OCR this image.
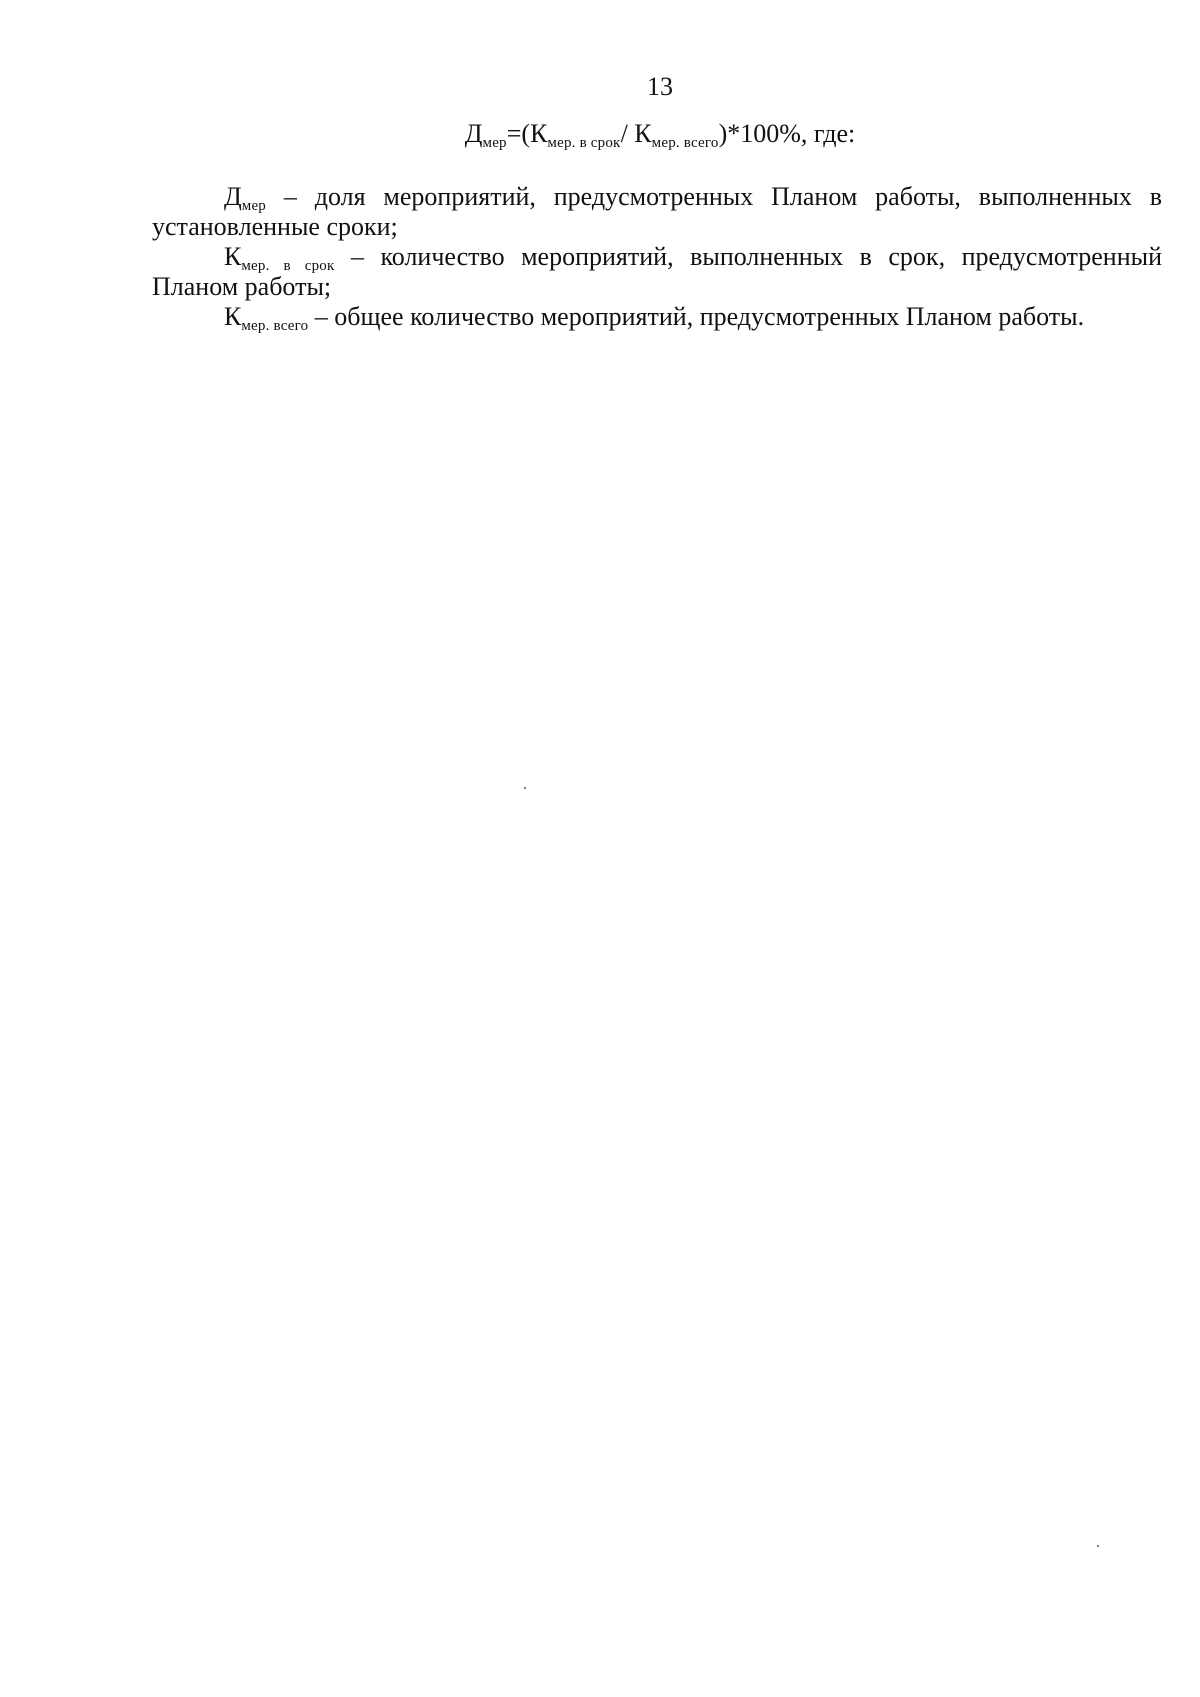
13
$Д_{мер}=(К_{мер. в срок}/$ $К_{мер. всего})*100\%$, где:

$Д_{мер}$ – доля мероприятий, предусмотренных Планом работы, выполненных в установленные сроки;

$К_{мер. в срок}$ – количество мероприятий, выполненных в срок, предусмотренный Планом работы;

$К_{мер. всего}$ – общее количество мероприятий, предусмотренных Планом работы.
